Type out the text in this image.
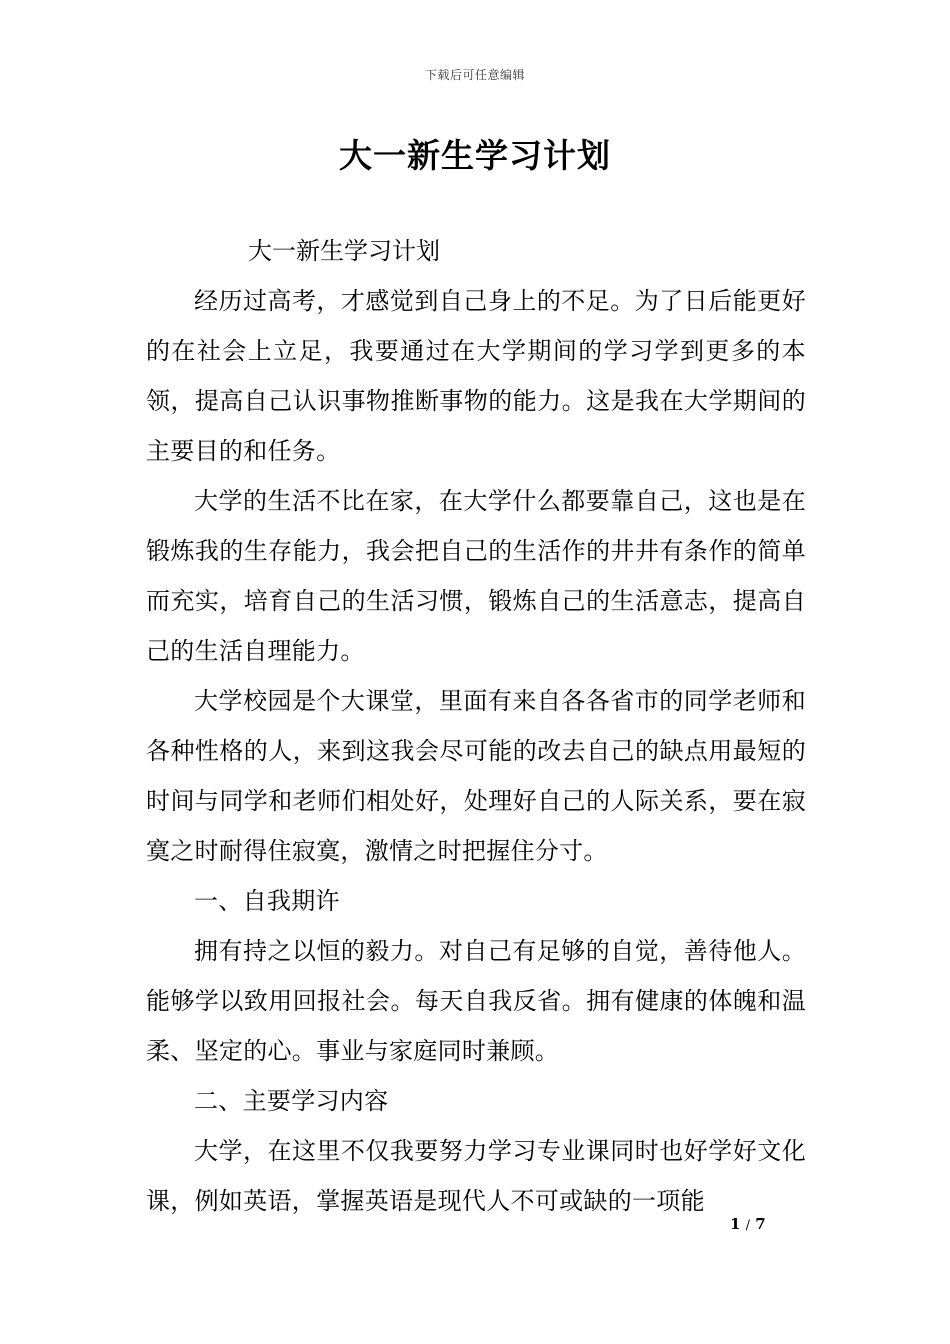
下载后可任意编辑
大一新生学习计划

大一新生学习计划

经历过高考，才感觉到自己身上的不足。为了日后能更好的在社会上立足，我要通过在大学期间的学习学到更多的本领，提高自己认识事物推断事物的能力。这是我在大学期间的主要目的和任务。

大学的生活不比在家，在大学什么都要靠自己，这也是在锻炼我的生存能力，我会把自己的生活作的井井有条作的简单而充实，培育自己的生活习惯，锻炼自己的生活意志，提高自己的生活自理能力。

大学校园是个大课堂，里面有来自各各省市的同学老师和各种性格的人，来到这我会尽可能的改去自己的缺点用最短的时间与同学和老师们相处好，处理好自己的人际关系，要在寂寞之时耐得住寂寞，激情之时把握住分寸。

一、自我期许

拥有持之以恒的毅力。对自己有足够的自觉，善待他人。能够学以致用回报社会。每天自我反省。拥有健康的体魄和温柔、坚定的心。事业与家庭同时兼顾。

二、主要学习内容

大学，在这里不仅我要努力学习专业课同时也好学好文化课，例如英语，掌握英语是现代人不可或缺的一项能

1 / 7
